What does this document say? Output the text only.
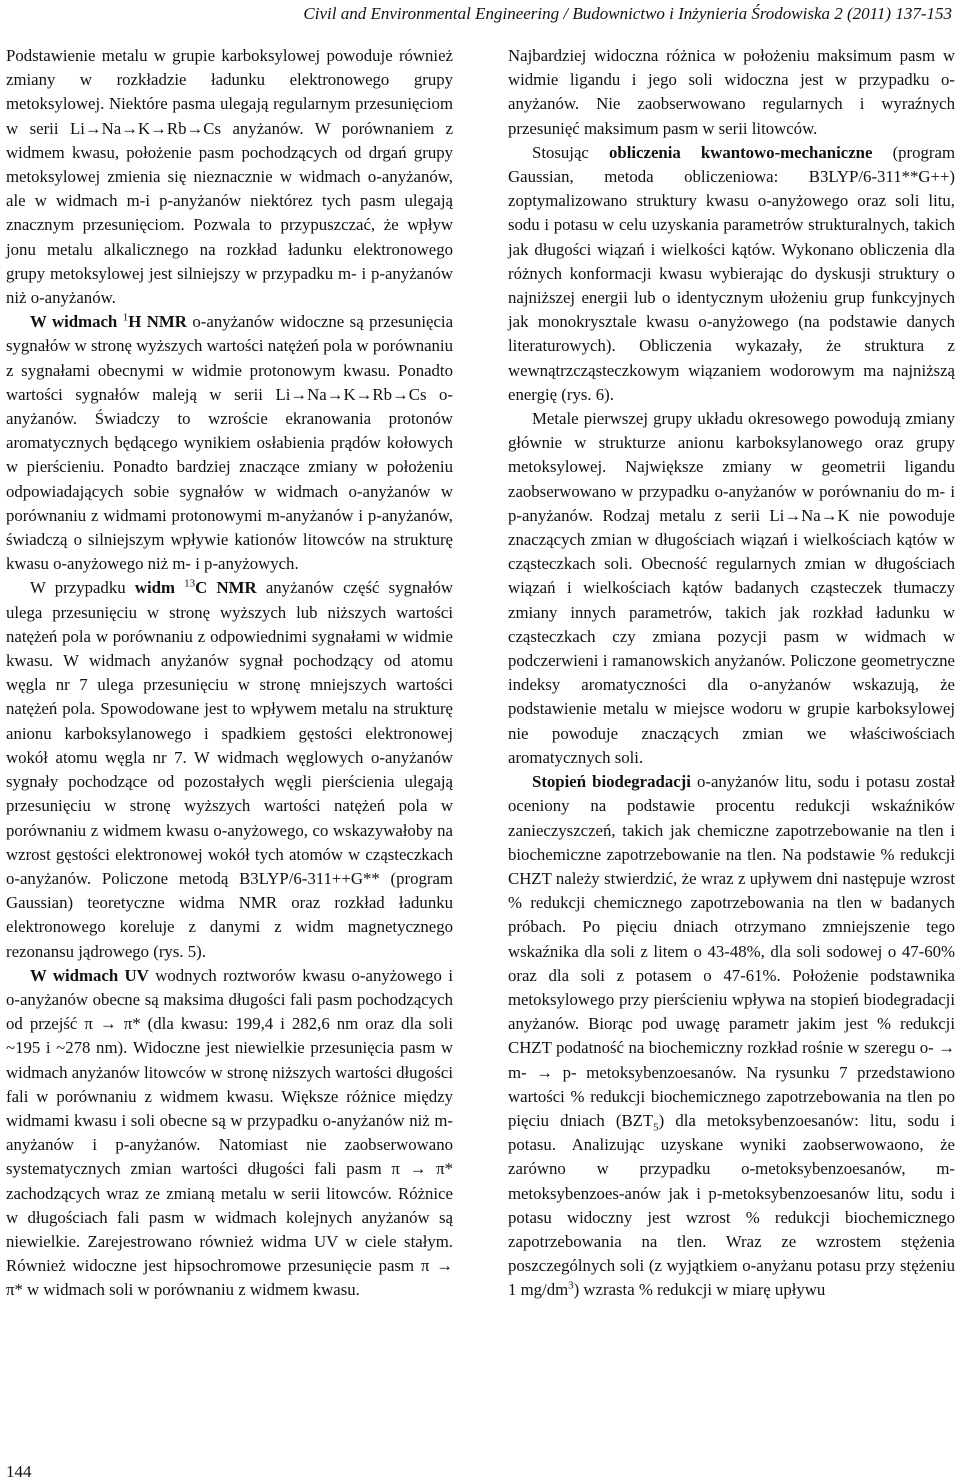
Civil and Environmental Engineering / Budownictwo i Inżynieria Środowiska 2 (2011) 137-153

Podstawienie metalu w grupie karboksylowej powoduje również zmiany w rozkładzie ładunku elektronowego grupy metoksylowej. Niektóre pasma ulegają regularnym przesunięciom w serii Li→Na→K→Rb→Cs anyżanów. W porównaniem z widmem kwasu, położenie pasm pochodzących od drgań grupy metoksylowej zmienia się nieznacznie w widmach o-anyżanów, ale w widmach m-i p-anyżanów niektórez tych pasm ulegają znacznym przesunięciom. Pozwala to przypuszczać, że wpływ jonu metalu alkalicznego na rozkład ładunku elektronowego grupy metoksylowej jest silniejszy w przypadku m- i p-anyżanów niż o-anyżanów.

W widmach $^1$H NMR o-anyżanów widoczne są przesunięcia sygnałów w stronę wyższych wartości natężeń pola w porównaniu z sygnałami obecnymi w widmie protonowym kwasu. Ponadto wartości sygnałów maleją w serii Li→Na→K→Rb→Cs o-anyżanów. Świadczy to wzroście ekranowania protonów aromatycznych będącego wynikiem osłabienia prądów kołowych w pierścieniu. Ponadto bardziej znaczące zmiany w położeniu odpowiadających sobie sygnałów w widmach o-anyżanów w porównaniu z widmami protonowymi m-anyżanów i p-anyżanów, świadczą o silniejszym wpływie kationów litowców na strukturę kwasu o-anyżowego niż m- i p-anyżowych.

W przypadku widm $^{13}$C NMR anyżanów część sygnałów ulega przesunięciu w stronę wyższych lub niższych wartości natężeń pola w porównaniu z odpowiednimi sygnałami w widmie kwasu. W widmach anyżanów sygnał pochodzący od atomu węgla nr 7 ulega przesunięciu w stronę mniejszych wartości natężeń pola. Spowodowane jest to wpływem metalu na strukturę anionu karboksylanowego i spadkiem gęstości elektronowej wokół atomu węgla nr 7. W widmach węglowych o-anyżanów sygnały pochodzące od pozostałych węgli pierścienia ulegają przesunięciu w stronę wyższych wartości natężeń pola w porównaniu z widmem kwasu o-anyżowego, co wskazywałoby na wzrost gęstości elektronowej wokół tych atomów w cząsteczkach o-anyżanów. Policzone metodą B3LYP/6-311++G** (program Gaussian) teoretyczne widma NMR oraz rozkład ładunku elektronowego koreluje z danymi z widm magnetycznego rezonansu jądrowego (rys. 5).

W widmach UV wodnych roztworów kwasu o-anyżowego i o-anyżanów obecne są maksima długości fali pasm pochodzących od przejść π → π* (dla kwasu: 199,4 i 282,6 nm oraz dla soli ~195 i ~278 nm). Widoczne jest niewielkie przesunięcia pasm w widmach anyżanów litowców w stronę niższych wartości długości fali w porównaniu z widmem kwasu. Większe różnice między widmami kwasu i soli obecne są w przypadku o-anyżanów niż m-anyżanów i p-anyżanów. Natomiast nie zaobserwowano systematycznych zmian wartości długości fali pasm π → π* zachodzących wraz ze zmianą metalu w serii litowców. Różnice w długościach fali pasm w widmach kolejnych anyżanów są niewielkie. Zarejestrowano również widma UV w ciele stałym. Również widoczne jest hipsochromowe przesunięcie pasm π → π* w widmach soli w porównaniu z widmem kwasu.

Najbardziej widoczna różnica w położeniu maksimum pasm w widmie ligandu i jego soli widoczna jest w przypadku o-anyżanów. Nie zaobserwowano regularnych i wyraźnych przesunięć maksimum pasm w serii litowców.

Stosując obliczenia kwantowo-mechaniczne (program Gaussian, metoda obliczeniowa: B3LYP/6-311**G++) zoptymalizowano struktury kwasu o-anyżowego oraz soli litu, sodu i potasu w celu uzyskania parametrów strukturalnych, takich jak długości wiązań i wielkości kątów. Wykonano obliczenia dla różnych konformacji kwasu wybierając do dyskusji struktury o najniższej energii lub o identycznym ułożeniu grup funkcyjnych jak monokrysztale kwasu o-anyżowego (na podstawie danych literaturowych). Obliczenia wykazały, że struktura z wewnątrzcząsteczkowym wiązaniem wodorowym ma najniższą energię (rys. 6).

Metale pierwszej grupy układu okresowego powodują zmiany głównie w strukturze anionu karboksylanowego oraz grupy metoksylowej. Największe zmiany w geometrii ligandu zaobserwowano w przypadku o-anyżanów w porównaniu do m- i p-anyżanów. Rodzaj metalu z serii Li→Na→K nie powoduje znaczących zmian w długościach wiązań i wielkościach kątów w cząsteczkach soli. Obecność regularnych zmian w długościach wiązań i wielkościach kątów badanych cząsteczek tłumaczy zmiany innych parametrów, takich jak rozkład ładunku w cząsteczkach czy zmiana pozycji pasm w widmach w podczerwieni i ramanowskich anyżanów. Policzone geometryczne indeksy aromatyczności dla o-anyżanów wskazują, że podstawienie metalu w miejsce wodoru w grupie karboksylowej nie powoduje znaczących zmian we właściwościach aromatycznych soli.

Stopień biodegradacji o-anyżanów litu, sodu i potasu został oceniony na podstawie procentu redukcji wskaźników zanieczyszczeń, takich jak chemiczne zapotrzebowanie na tlen i biochemiczne zapotrzebowanie na tlen. Na podstawie % redukcji CHZT należy stwierdzić, że wraz z upływem dni następuje wzrost % redukcji chemicznego zapotrzebowania na tlen w badanych próbach. Po pięciu dniach otrzymano zmniejszenie tego wskaźnika dla soli z litem o 43-48%, dla soli sodowej o 47-60% oraz dla soli z potasem o 47-61%. Położenie podstawnika metoksylowego przy pierścieniu wpływa na stopień biodegradacji anyżanów. Biorąc pod uwagę parametr jakim jest % redukcji CHZT podatność na biochemiczny rozkład rośnie w szeregu o- → m- → p- metoksybenzoesanów. Na rysunku 7 przedstawiono wartości % redukcji biochemicznego zapotrzebowania na tlen po pięciu dniach $(BZT_5)$ dla metoksybenzoesanów: litu, sodu i potasu. Analizując uzyskane wyniki zaobserwowaono, że zarówno w przypadku o-metoksybenzoesanów, m-metoksybenzoes-anów jak i p-metoksybenzoesanów litu, sodu i potasu widoczny jest wzrost % redukcji biochemicznego zapotrzebowania na tlen. Wraz ze wzrostem stężenia poszczególnych soli (z wyjątkiem o-anyżanu potasu przy stężeniu 1 $mg/dm^3$) wzrasta % redukcji w miarę upływu

144
